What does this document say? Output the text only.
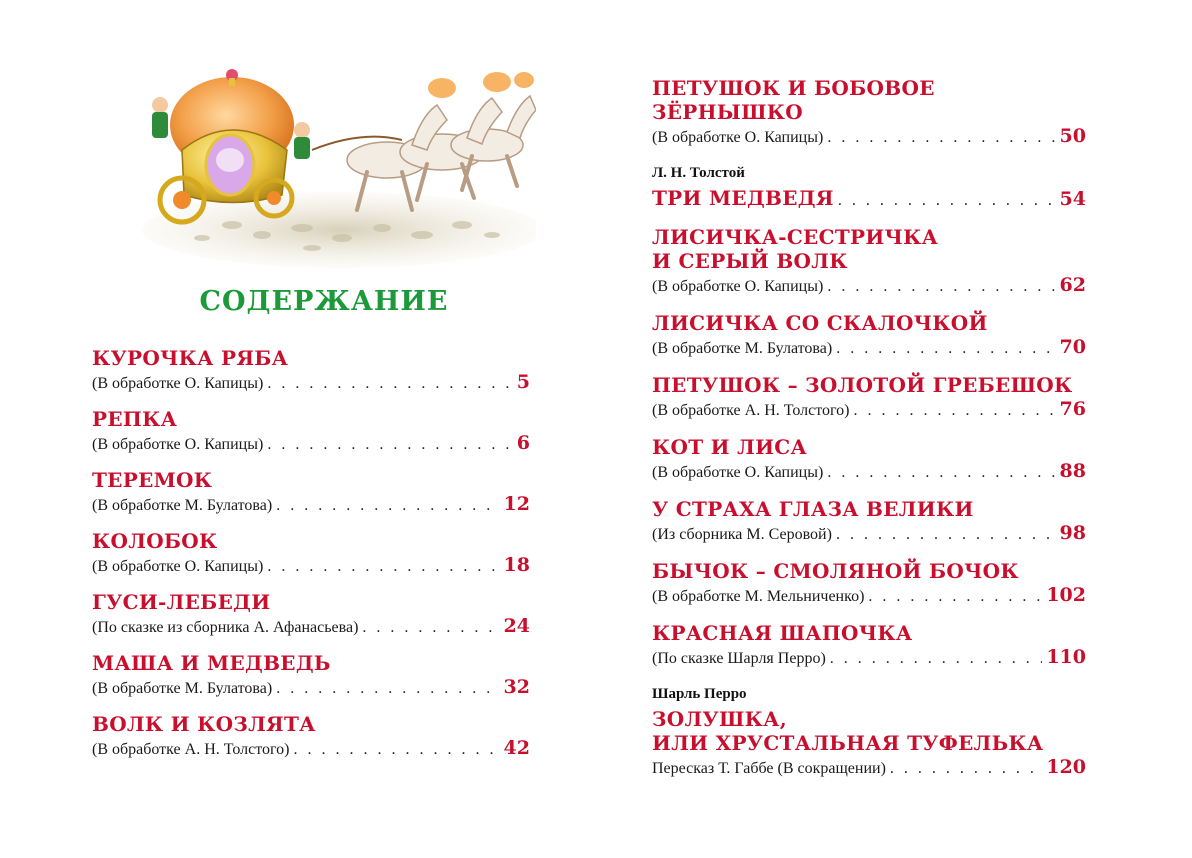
СОДЕРЖАНИЕ
КУРОЧКА РЯБА
(В обработке О. Капицы) . . .	5
РЕПКА
(В обработке О. Капицы) . . .	6
ТЕРЕМОК
(В обработке М. Булатова) . . .	12
КОЛОБОК
(В обработке О. Капицы) . . .	18
ГУСИ-ЛЕБЕДИ
(По сказке из сборника А. Афанасьева) . . .	24
МАША И МЕДВЕДЬ
(В обработке М. Булатова) . . .	32
ВОЛК И КОЗЛЯТА
(В обработке А. Н. Толстого) . . .	42
ПЕТУШОК И БОБОВОЕ ЗЁРНЫШКО
(В обработке О. Капицы) . . .	50
Л. Н. Толстой
ТРИ МЕДВЕДЯ . . .	54
ЛИСИЧКА-СЕСТРИЧКА
И СЕРЫЙ ВОЛК
(В обработке О. Капицы) . . .	62
ЛИСИЧКА СО СКАЛОЧКОЙ
(В обработке М. Булатова) . . .	70
ПЕТУШОК – ЗОЛОТОЙ ГРЕБЕШОК
(В обработке А. Н. Толстого) . . .	76
КОТ И ЛИСА
(В обработке О. Капицы) . . .	88
У СТРАХА ГЛАЗА ВЕЛИКИ
(Из сборника М. Серовой) . . .	98
БЫЧОК – СМОЛЯНОЙ БОЧОК
(В обработке М. Мельниченко) . . .	102
КРАСНАЯ ШАПОЧКА
(По сказке Шарля Перро) . . .	110
Шарль Перро
ЗОЛУШКА,
ИЛИ ХРУСТАЛЬНАЯ ТУФЕЛЬКА
Пересказ Т. Габбе (В сокращении) . . .	120
